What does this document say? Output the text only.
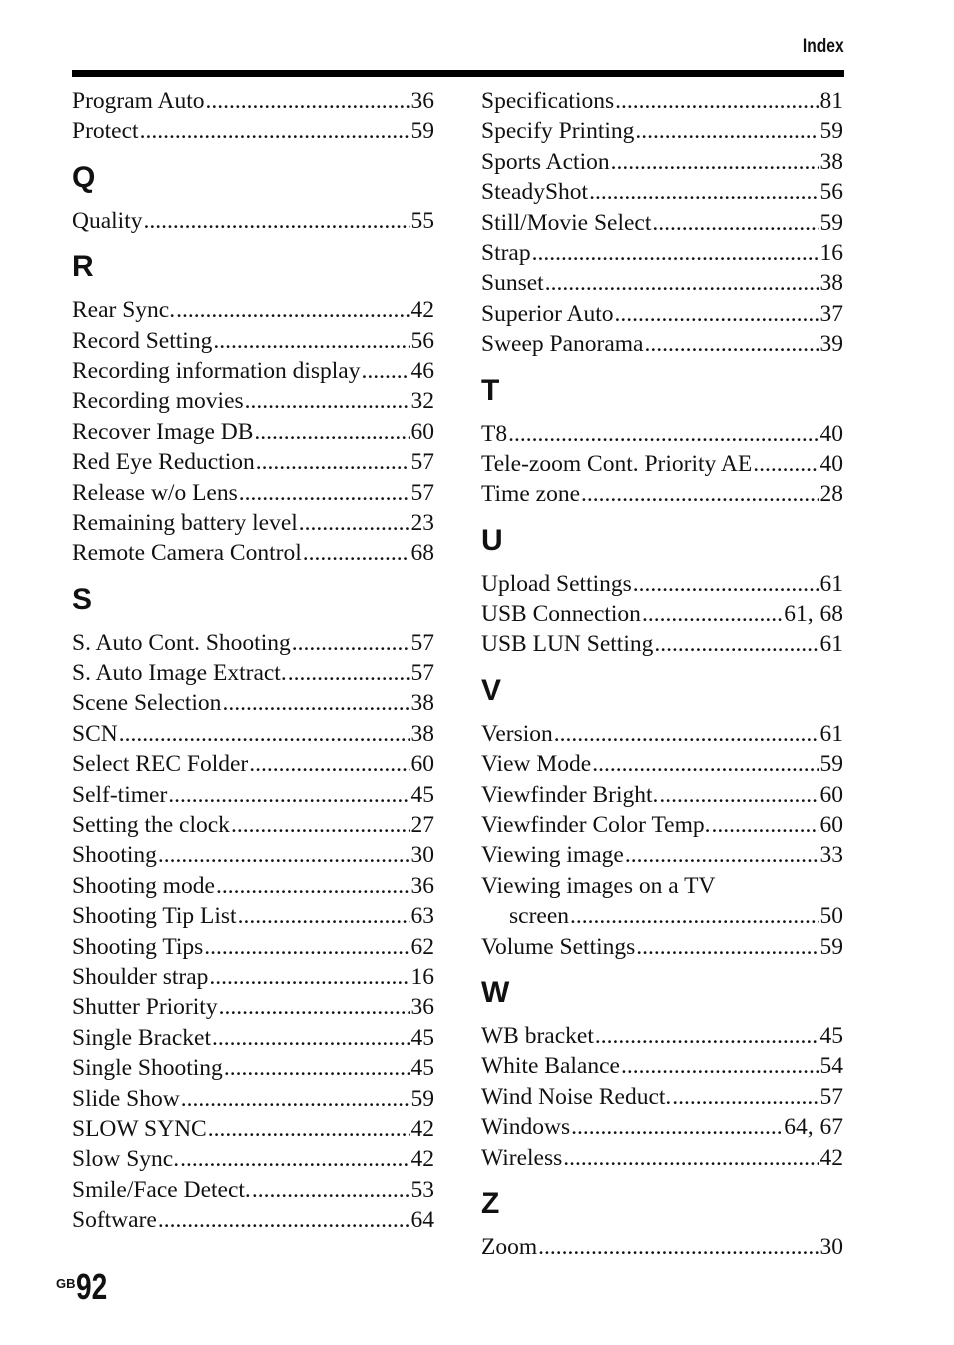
Index
Program Auto .....	36
Protect .....	59
Q
Quality .....	55
R
Rear Sync. .....	42
Record Setting .....	56
Recording information display ..... 46
Recording movies .....	32
Recover Image DB .....	60
Red Eye Reduction .....	57
Release w/o Lens .....	57
Remaining battery level .....	23
Remote Camera Control .....	68
S
S. Auto Cont. Shooting .....	57
S. Auto Image Extract. .....	57
Scene Selection .....	38
SCN .....	38
Select REC Folder .....	60
Self-timer .....	45
Setting the clock .....	27
Shooting .....	30
Shooting mode .....	36
Shooting Tip List .....	63
Shooting Tips .....	62
Shoulder strap .....	16
Shutter Priority .....	36
Single Bracket .....	45
Single Shooting .....	45
Slide Show .....	59
SLOW SYNC .....	42
Slow Sync. .....	42
Smile/Face Detect. .....	53
Software .....	64
Specifications .....	81
Specify Printing .....	59
Sports Action .....	38
SteadyShot .....	56
Still/Movie Select .....	59
Strap .....	16
Sunset .....	38
Superior Auto .....	37
Sweep Panorama .....	39
T
T8 .....	40
Tele-zoom Cont. Priority AE .....	40
Time zone .....	28
U
Upload Settings .....	61
USB Connection .....	61, 68
USB LUN Setting .....	61
V
Version .....	61
View Mode .....	59
Viewfinder Bright. .....	60
Viewfinder Color Temp. .....	60
Viewing image .....	33
Viewing images on a TV
screen .....	50
Volume Settings .....	59
W
WB bracket .....	45
White Balance .....	54
Wind Noise Reduct. .....	57
Windows .....	64, 67
Wireless .....	42
Z
Zoom .....	30
$^{GB}$92
